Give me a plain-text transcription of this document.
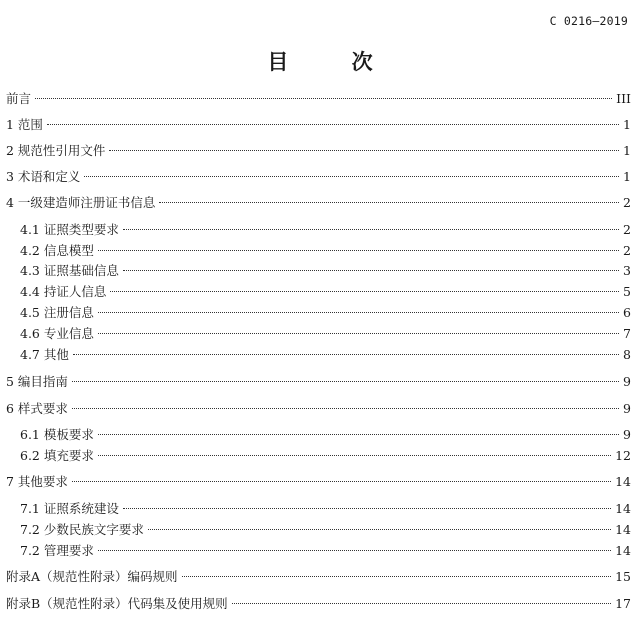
C 0216—2019
目 次
前言	III
1 范围	1
2 规范性引用文件	1
3 术语和定义	1
4 一级建造师注册证书信息	2
4.1 证照类型要求	2
4.2 信息模型	2
4.3 证照基础信息	3
4.4 持证人信息	5
4.5 注册信息	6
4.6 专业信息	7
4.7 其他	8
5 编目指南	9
6 样式要求	9
6.1 模板要求	9
6.2 填充要求	12
7 其他要求	14
7.1 证照系统建设	14
7.2 少数民族文字要求	14
7.2 管理要求	14
附录A（规范性附录）编码规则	15
附录B（规范性附录）代码集及使用规则	17
